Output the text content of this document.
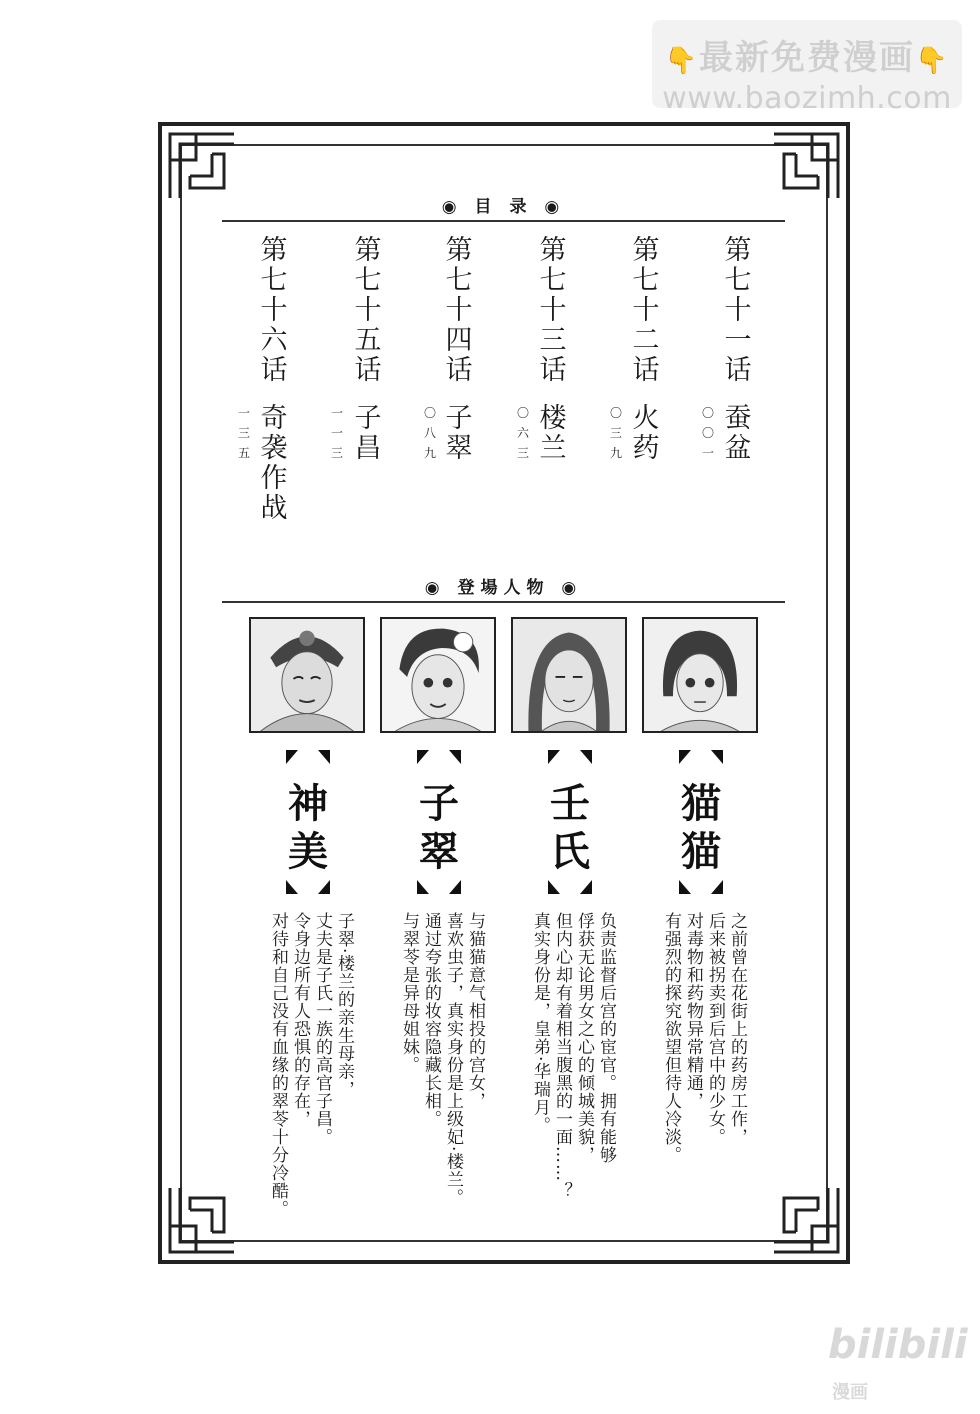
👇最新免费漫画👇
www.baozimh.com
◉ 目 录 ◉
第
七
十
一
话
蚕
盆
〇
〇
一
第
七
十
二
话
火
药
〇
三
九
第
七
十
三
话
楼
兰
〇
六
三
第
七
十
四
话
子
翠
〇
八
九
第
七
十
五
话
子
昌
一
一
三
第
七
十
六
话
奇
袭
作
战
一
三
五
◉ 登場人物 ◉
神
美
子
翠
壬
氏
猫
猫
之前曾在花街上的药房工作，
后来被拐卖到后宫中的少女。
对毒物和药物异常精通，
有强烈的探究欲望但待人冷淡。
负责监督后宫的宦官。拥有能够
俘获无论男女之心的倾城美貌，
但内心却有着相当腹黑的一面……？
真实身份是，皇弟·华瑞月。
与猫猫意气相投的宫女，
喜欢虫子，真实身份是上级妃·楼兰。
通过夸张的妆容隐藏长相。
与翠苓是异母姐妹。
子翠·楼兰的亲生母亲，
丈夫是子氏一族的高官子昌。
令身边所有人恐惧的存在，
对待和自己没有血缘的翠苓十分冷酷。
bilibili漫画
